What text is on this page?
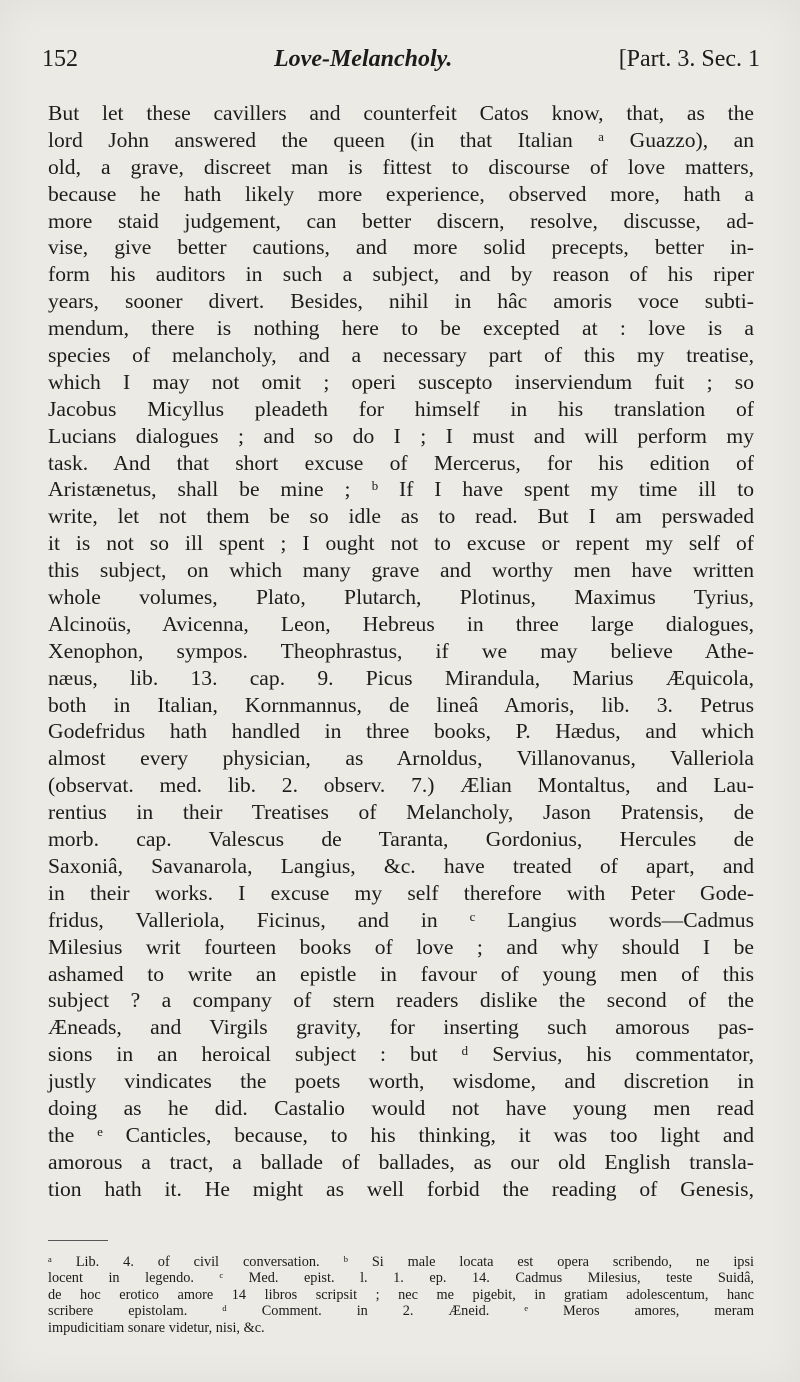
152	Love-Melancholy.	[Part. 3. Sec. 1
But let these cavillers and counterfeit Catos know, that, as the
lord John answered the queen (in that Italian ᵃ Guazzo), an
old, a grave, discreet man is fittest to discourse of love matters,
because he hath likely more experience, observed more, hath a
more staid judgement, can better discern, resolve, discusse, ad-
vise, give better cautions, and more solid precepts, better in-
form his auditors in such a subject, and by reason of his riper
years, sooner divert. Besides, nihil in hâc amoris voce subti-
mendum, there is nothing here to be excepted at : love is a
species of melancholy, and a necessary part of this my treatise,
which I may not omit ; operi suscepto inserviendum fuit ; so
Jacobus Micyllus pleadeth for himself in his translation of
Lucians dialogues ; and so do I ; I must and will perform my
task. And that short excuse of Mercerus, for his edition of
Aristænetus, shall be mine ; ᵇ If I have spent my time ill to
write, let not them be so idle as to read. But I am perswaded
it is not so ill spent ; I ought not to excuse or repent my self of
this subject, on which many grave and worthy men have written
whole volumes, Plato, Plutarch, Plotinus, Maximus Tyrius,
Alcinoüs, Avicenna, Leon, Hebreus in three large dialogues,
Xenophon, sympos. Theophrastus, if we may believe Athe-
næus, lib. 13. cap. 9. Picus Mirandula, Marius Æquicola,
both in Italian, Kornmannus, de lineâ Amoris, lib. 3. Petrus
Godefridus hath handled in three books, P. Hædus, and which
almost every physician, as Arnoldus, Villanovanus, Valleriola
(observat. med. lib. 2. observ. 7.) Ælian Montaltus, and Lau-
rentius in their Treatises of Melancholy, Jason Pratensis, de
morb. cap. Valescus de Taranta, Gordonius, Hercules de
Saxoniâ, Savanarola, Langius, &c. have treated of apart, and
in their works. I excuse my self therefore with Peter Gode-
fridus, Valleriola, Ficinus, and in ᶜ Langius words—Cadmus
Milesius writ fourteen books of love ; and why should I be
ashamed to write an epistle in favour of young men of this
subject ? a company of stern readers dislike the second of the
Æneads, and Virgils gravity, for inserting such amorous pas-
sions in an heroical subject : but ᵈ Servius, his commentator,
justly vindicates the poets worth, wisdome, and discretion in
doing as he did. Castalio would not have young men read
the ᵉ Canticles, because, to his thinking, it was too light and
amorous a tract, a ballade of ballades, as our old English transla-
tion hath it. He might as well forbid the reading of Genesis,
ᵃ Lib. 4. of civil conversation. ᵇ Si male locata est opera scribendo, ne ipsi
locent in legendo. ᶜ Med. epist. l. 1. ep. 14. Cadmus Milesius, teste Suidâ,
de hoc erotico amore 14 libros scripsit ; nec me pigebit, in gratiam adolescentum, hanc
scribere epistolam. ᵈ Comment. in 2. Æneid. ᵉ Meros amores, meram
impudicitiam sonare videtur, nisi, &c.
